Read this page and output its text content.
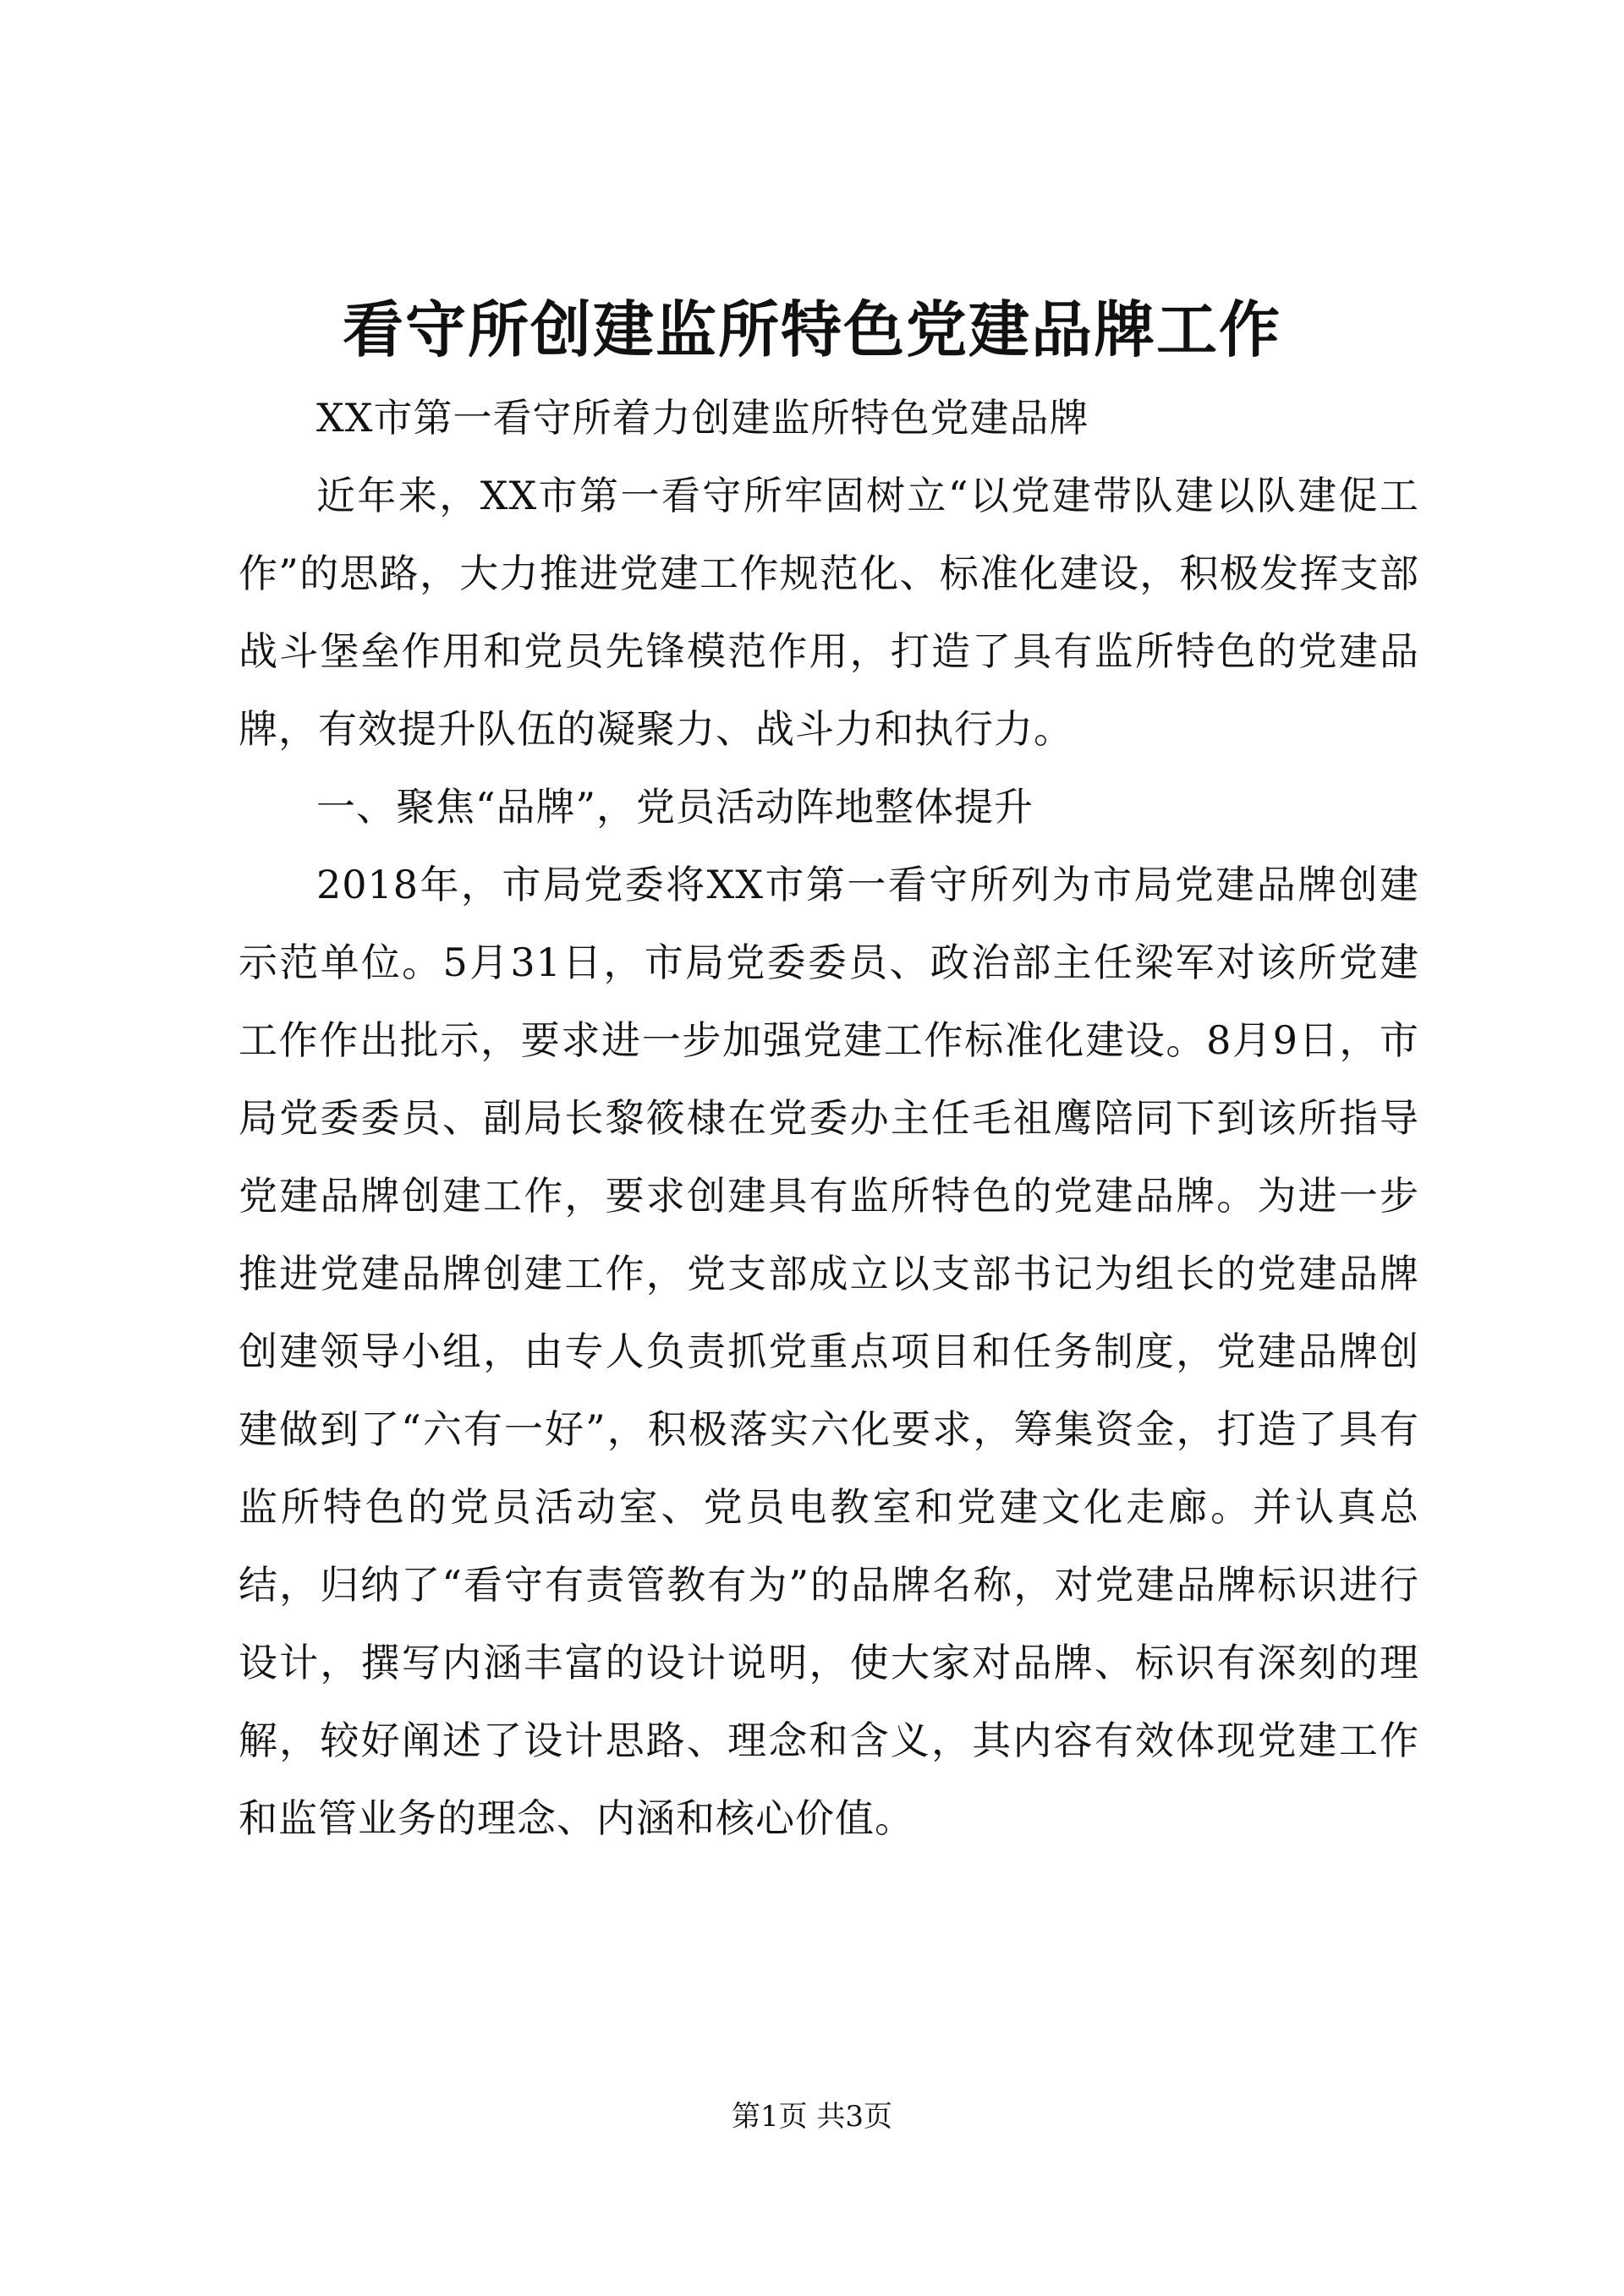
看守所创建监所特色党建品牌工作

XX市第一看守所着力创建监所特色党建品牌

近年来，XX市第一看守所牢固树立“以党建带队建以队建促工作”的思路，大力推进党建工作规范化、标准化建设，积极发挥支部战斗堡垒作用和党员先锋模范作用，打造了具有监所特色的党建品牌，有效提升队伍的凝聚力、战斗力和执行力。

一、聚焦“品牌”，党员活动阵地整体提升

2018年，市局党委将XX市第一看守所列为市局党建品牌创建示范单位。5月31日，市局党委委员、政治部主任梁军对该所党建工作作出批示，要求进一步加强党建工作标准化建设。8月9日，市局党委委员、副局长黎筱棣在党委办主任毛祖鹰陪同下到该所指导党建品牌创建工作，要求创建具有监所特色的党建品牌。为进一步推进党建品牌创建工作，党支部成立以支部书记为组长的党建品牌创建领导小组，由专人负责抓党重点项目和任务制度，党建品牌创建做到了“六有一好”，积极落实六化要求，筹集资金，打造了具有监所特色的党员活动室、党员电教室和党建文化走廊。并认真总结，归纳了“看守有责管教有为”的品牌名称，对党建品牌标识进行设计，撰写内涵丰富的设计说明，使大家对品牌、标识有深刻的理解，较好阐述了设计思路、理念和含义，其内容有效体现党建工作和监管业务的理念、内涵和核心价值。

第1页 共3页
